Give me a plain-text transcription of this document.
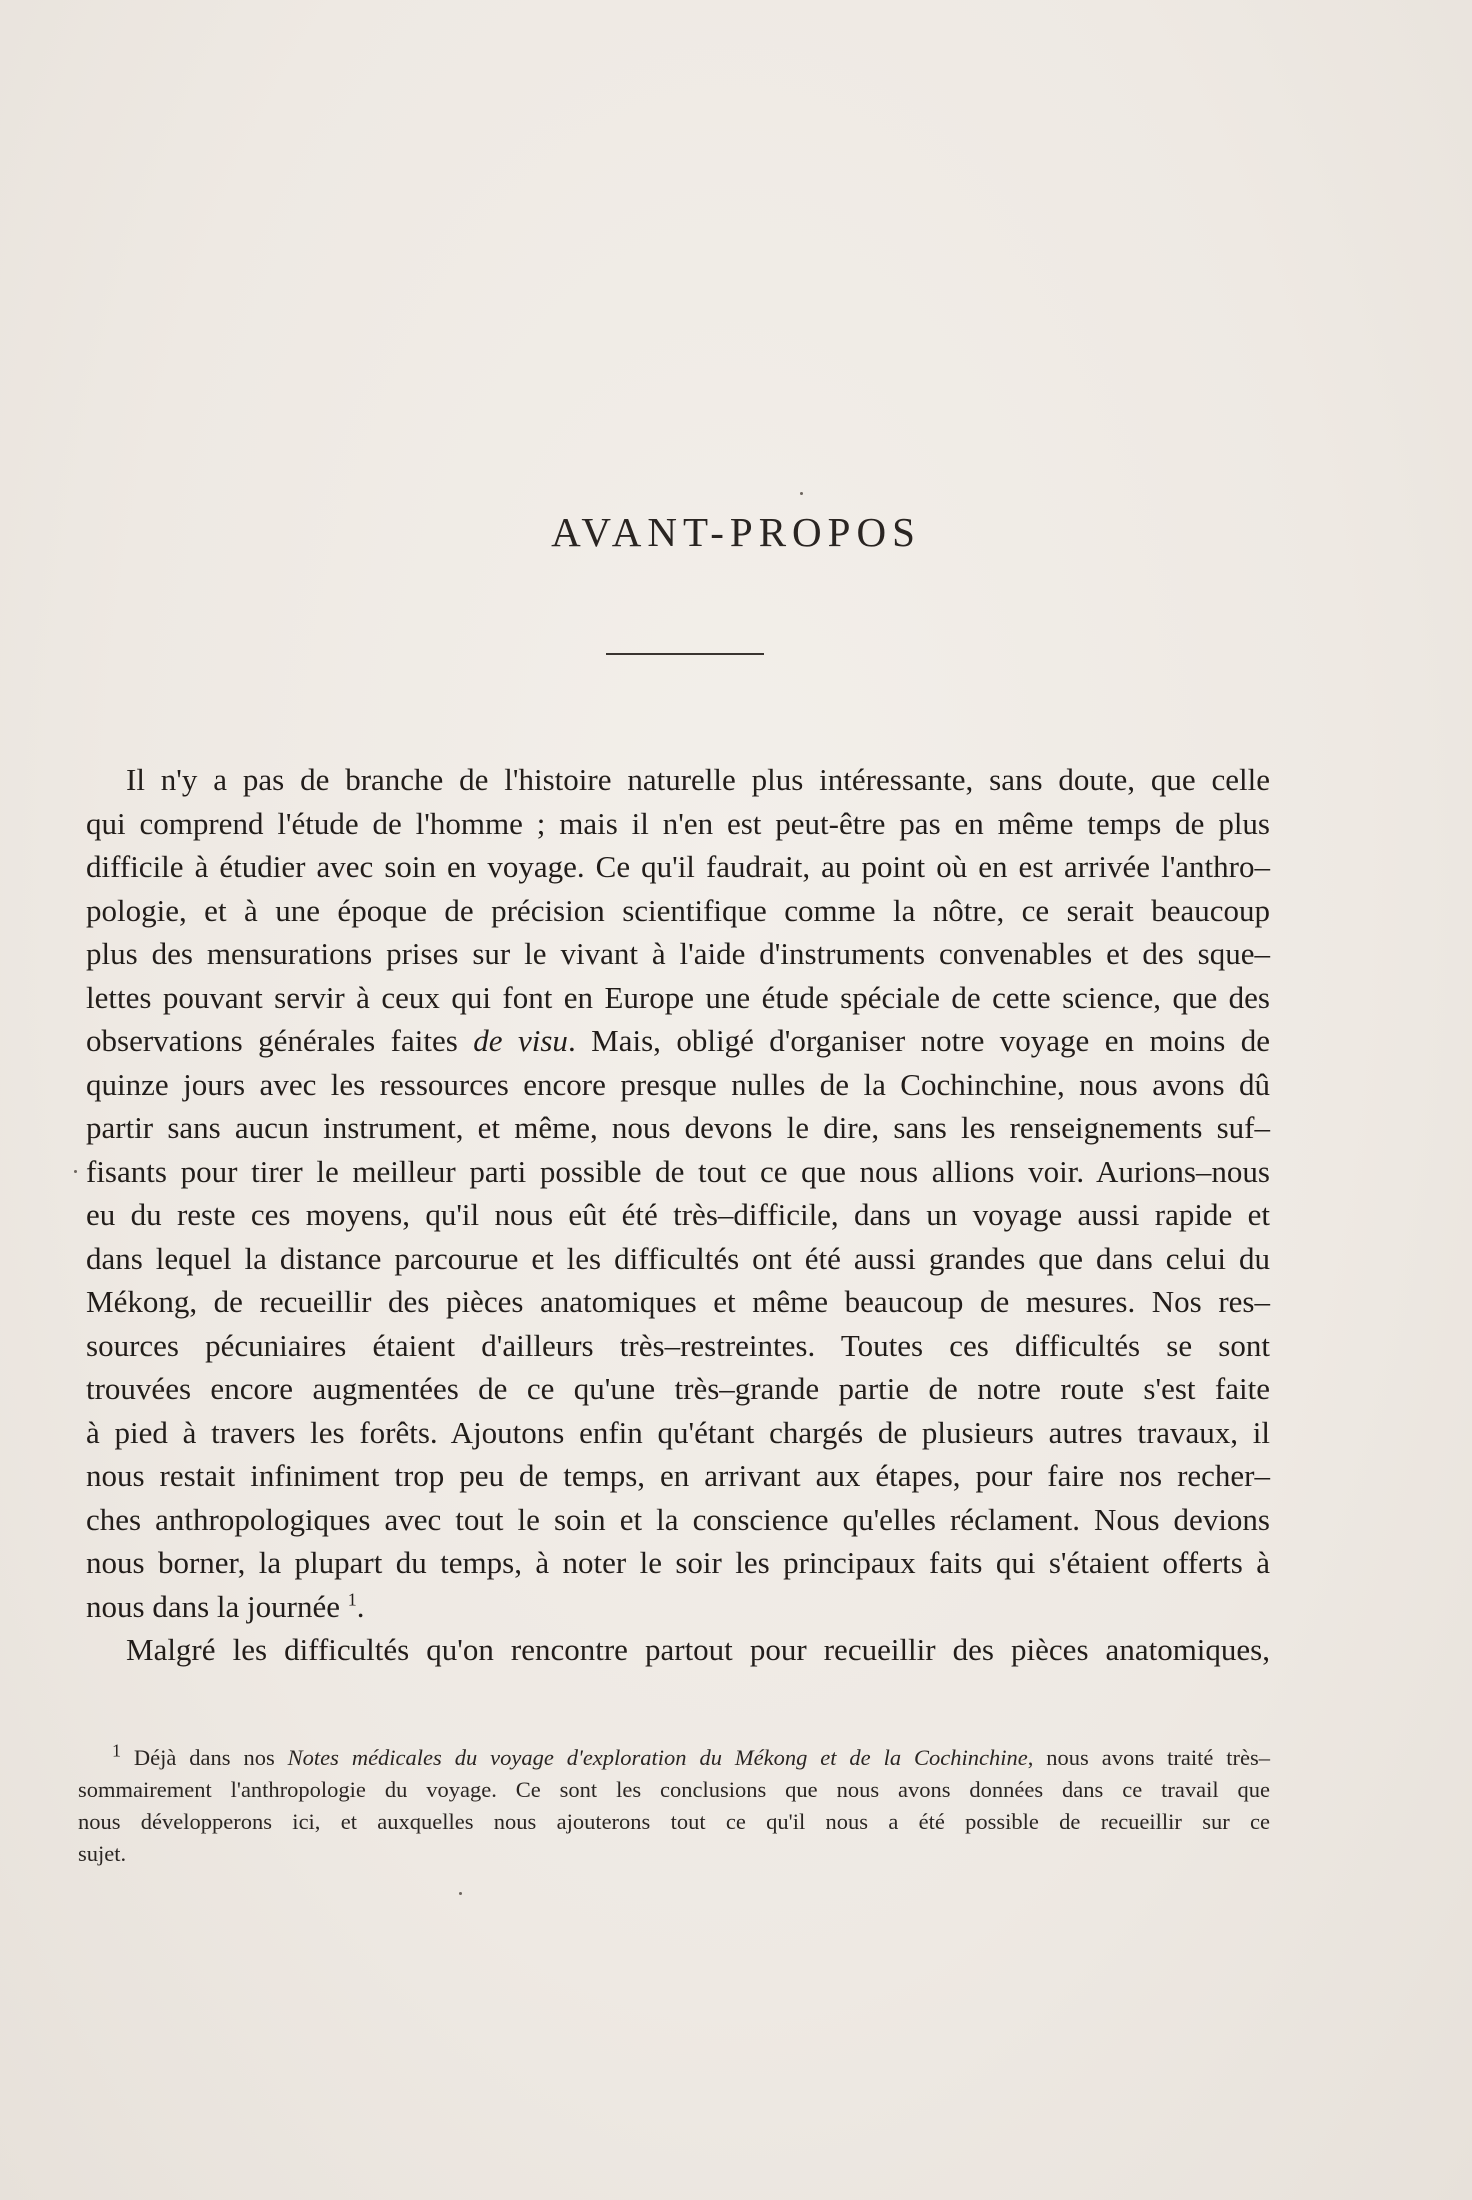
AVANT-PROPOS
Il n'y a pas de branche de l'histoire naturelle plus intéressante, sans doute, que celle
qui comprend l'étude de l'homme ; mais il n'en est peut-être pas en même temps de plus
difficile à étudier avec soin en voyage. Ce qu'il faudrait, au point où en est arrivée l'anthro–
pologie, et à une époque de précision scientifique comme la nôtre, ce serait beaucoup
plus des mensurations prises sur le vivant à l'aide d'instruments convenables et des sque–
lettes pouvant servir à ceux qui font en Europe une étude spéciale de cette science, que des
observations générales faites de visu. Mais, obligé d'organiser notre voyage en moins de
quinze jours avec les ressources encore presque nulles de la Cochinchine, nous avons dû
partir sans aucun instrument, et même, nous devons le dire, sans les renseignements suf–
fisants pour tirer le meilleur parti possible de tout ce que nous allions voir. Aurions–nous
eu du reste ces moyens, qu'il nous eût été très–difficile, dans un voyage aussi rapide et
dans lequel la distance parcourue et les difficultés ont été aussi grandes que dans celui du
Mékong, de recueillir des pièces anatomiques et même beaucoup de mesures. Nos res–
sources pécuniaires étaient d'ailleurs très–restreintes. Toutes ces difficultés se sont
trouvées encore augmentées de ce qu'une très–grande partie de notre route s'est faite
à pied à travers les forêts. Ajoutons enfin qu'étant chargés de plusieurs autres travaux, il
nous restait infiniment trop peu de temps, en arrivant aux étapes, pour faire nos recher–
ches anthropologiques avec tout le soin et la conscience qu'elles réclament. Nous devions
nous borner, la plupart du temps, à noter le soir les principaux faits qui s'étaient offerts à
nous dans la journée $^1$.
Malgré les difficultés qu'on rencontre partout pour recueillir des pièces anatomiques,
$^1$ Déjà dans nos Notes médicales du voyage d'exploration du Mékong et de la Cochinchine, nous avons traité très–
sommairement l'anthropologie du voyage. Ce sont les conclusions que nous avons données dans ce travail que
nous développerons ici, et auxquelles nous ajouterons tout ce qu'il nous a été possible de recueillir sur ce
sujet.
